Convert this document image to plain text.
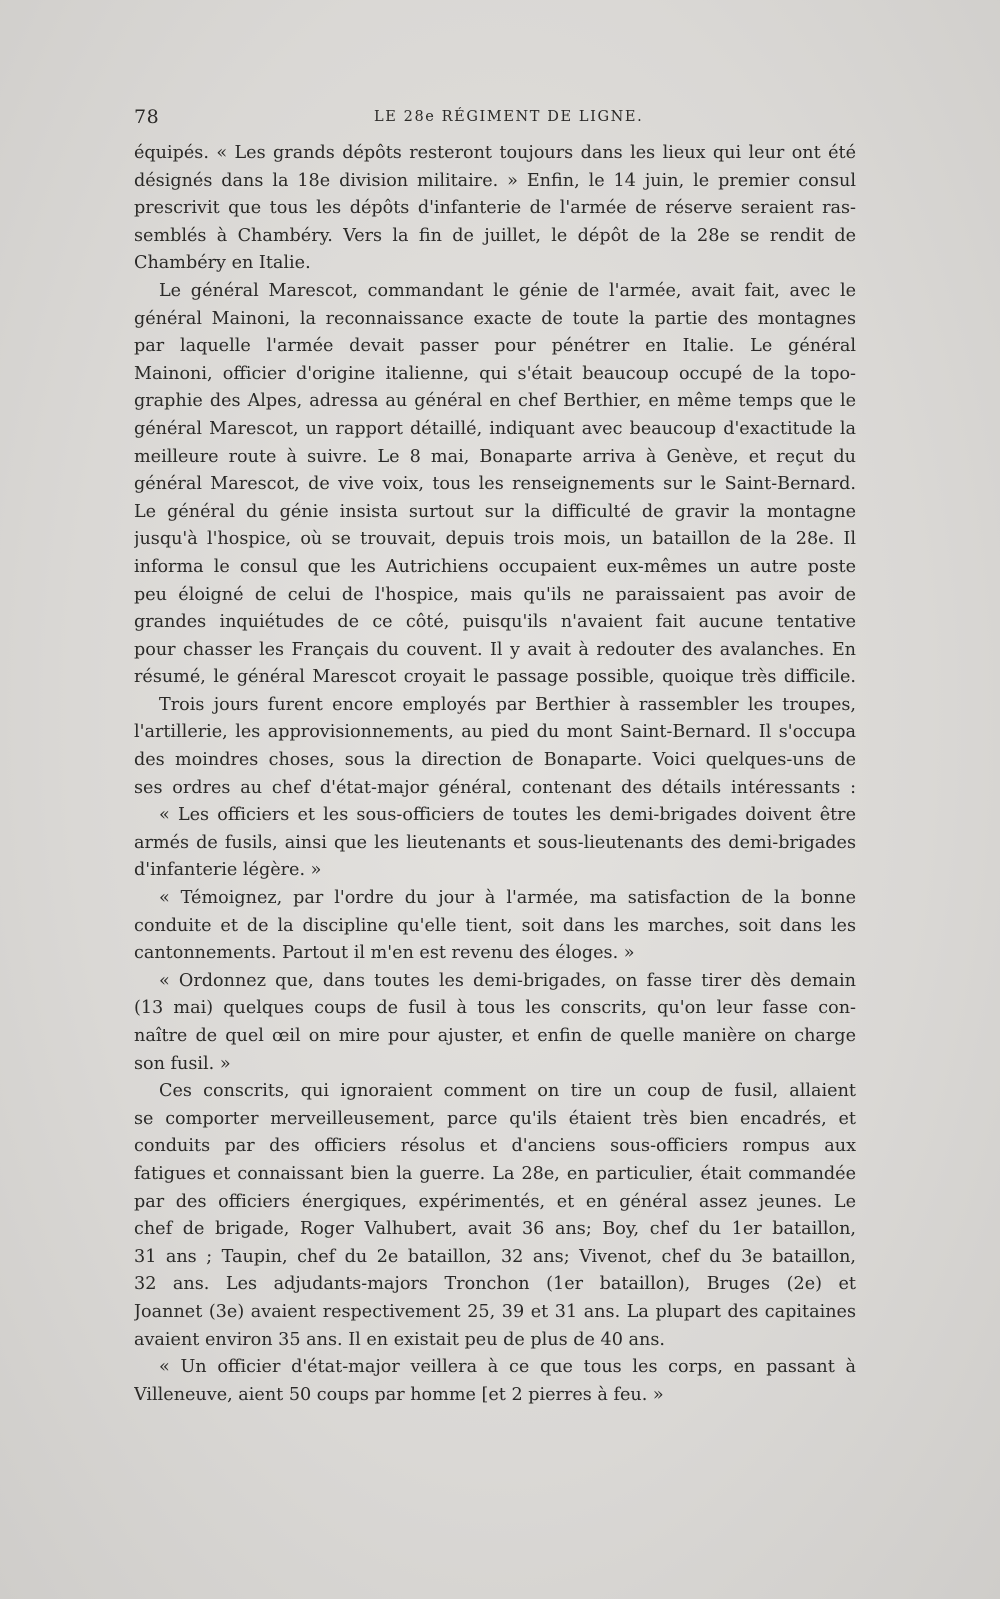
78	LE 28e RÉGIMENT DE LIGNE.
équipés. « Les grands dépôts resteront toujours dans les lieux qui leur ont été
désignés dans la 18e division militaire. » Enfin, le 14 juin, le premier consul
prescrivit que tous les dépôts d'infanterie de l'armée de réserve seraient ras-
semblés à Chambéry. Vers la fin de juillet, le dépôt de la 28e se rendit de
Chambéry en Italie.
Le général Marescot, commandant le génie de l'armée, avait fait, avec le
général Mainoni, la reconnaissance exacte de toute la partie des montagnes
par laquelle l'armée devait passer pour pénétrer en Italie. Le général
Mainoni, officier d'origine italienne, qui s'était beaucoup occupé de la topo-
graphie des Alpes, adressa au général en chef Berthier, en même temps que le
général Marescot, un rapport détaillé, indiquant avec beaucoup d'exactitude la
meilleure route à suivre. Le 8 mai, Bonaparte arriva à Genève, et reçut du
général Marescot, de vive voix, tous les renseignements sur le Saint-Bernard.
Le général du génie insista surtout sur la difficulté de gravir la montagne
jusqu'à l'hospice, où se trouvait, depuis trois mois, un bataillon de la 28e. Il
informa le consul que les Autrichiens occupaient eux-mêmes un autre poste
peu éloigné de celui de l'hospice, mais qu'ils ne paraissaient pas avoir de
grandes inquiétudes de ce côté, puisqu'ils n'avaient fait aucune tentative
pour chasser les Français du couvent. Il y avait à redouter des avalanches. En
résumé, le général Marescot croyait le passage possible, quoique très difficile.
Trois jours furent encore employés par Berthier à rassembler les troupes,
l'artillerie, les approvisionnements, au pied du mont Saint-Bernard. Il s'occupa
des moindres choses, sous la direction de Bonaparte. Voici quelques-uns de
ses ordres au chef d'état-major général, contenant des détails intéressants :
« Les officiers et les sous-officiers de toutes les demi-brigades doivent être
armés de fusils, ainsi que les lieutenants et sous-lieutenants des demi-brigades
d'infanterie légère. »
« Témoignez, par l'ordre du jour à l'armée, ma satisfaction de la bonne
conduite et de la discipline qu'elle tient, soit dans les marches, soit dans les
cantonnements. Partout il m'en est revenu des éloges. »
« Ordonnez que, dans toutes les demi-brigades, on fasse tirer dès demain
(13 mai) quelques coups de fusil à tous les conscrits, qu'on leur fasse con-
naître de quel œil on mire pour ajuster, et enfin de quelle manière on charge
son fusil. »
Ces conscrits, qui ignoraient comment on tire un coup de fusil, allaient
se comporter merveilleusement, parce qu'ils étaient très bien encadrés, et
conduits par des officiers résolus et d'anciens sous-officiers rompus aux
fatigues et connaissant bien la guerre. La 28e, en particulier, était commandée
par des officiers énergiques, expérimentés, et en général assez jeunes. Le
chef de brigade, Roger Valhubert, avait 36 ans; Boy, chef du 1er bataillon,
31 ans ; Taupin, chef du 2e bataillon, 32 ans; Vivenot, chef du 3e bataillon,
32 ans. Les adjudants-majors Tronchon (1er bataillon), Bruges (2e) et
Joannet (3e) avaient respectivement 25, 39 et 31 ans. La plupart des capitaines
avaient environ 35 ans. Il en existait peu de plus de 40 ans.
« Un officier d'état-major veillera à ce que tous les corps, en passant à
Villeneuve, aient 50 coups par homme [et 2 pierres à feu. »
